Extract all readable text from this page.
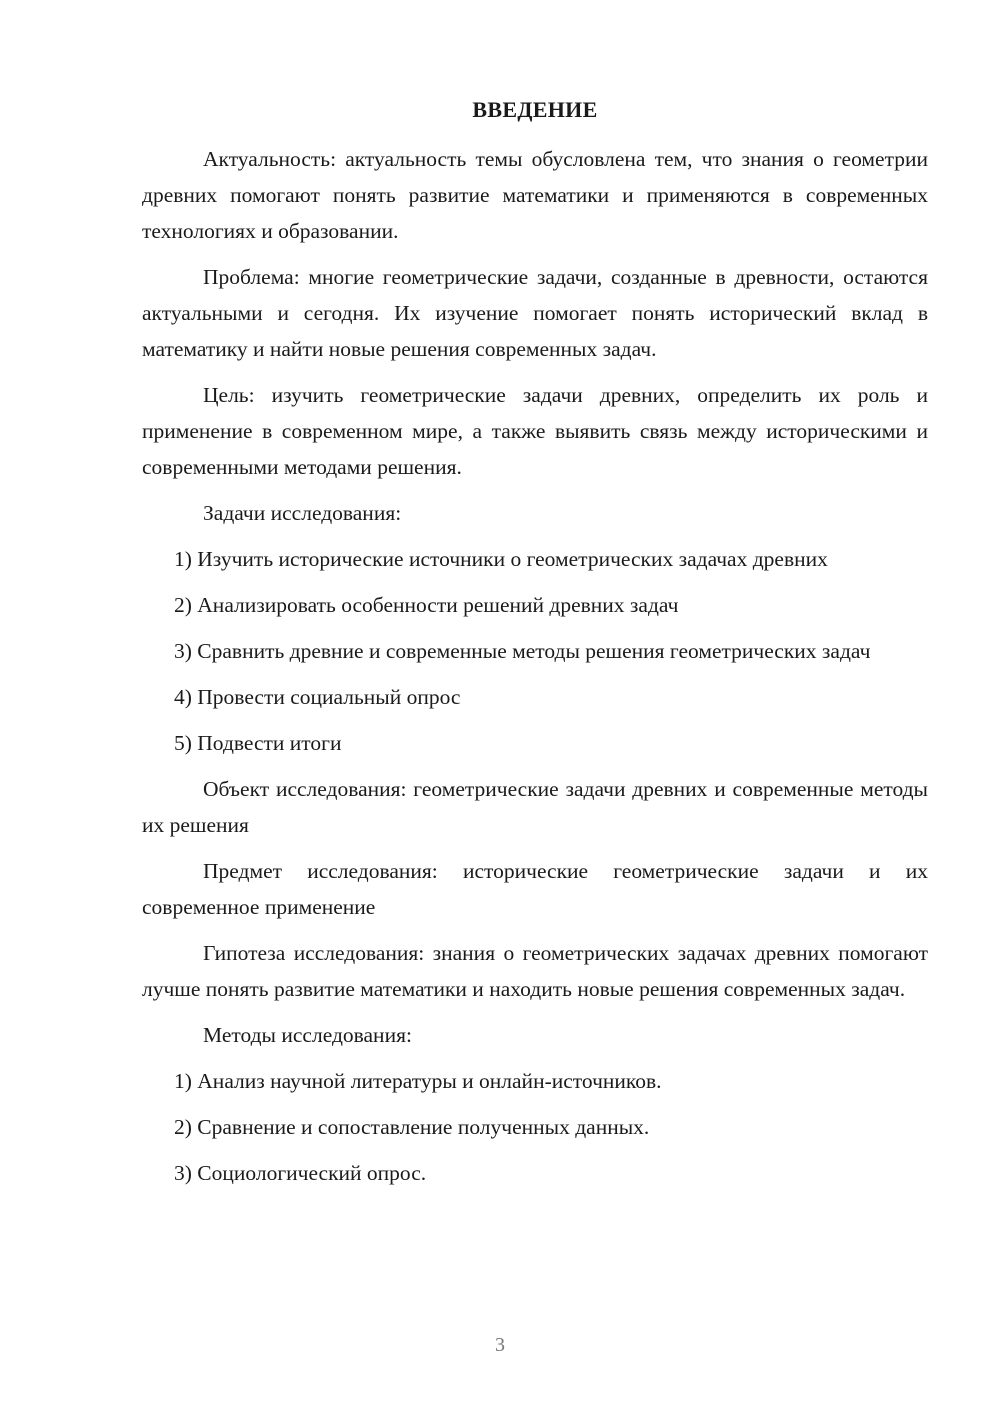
ВВЕДЕНИЕ

Актуальность: актуальность темы обусловлена тем, что знания о геометрии древних помогают понять развитие математики и применяются в современных технологиях и образовании.

Проблема: многие геометрические задачи, созданные в древности, остаются актуальными и сегодня. Их изучение помогает понять исторический вклад в математику и найти новые решения современных задач.

Цель: изучить геометрические задачи древних, определить их роль и применение в современном мире, а также выявить связь между историческими и современными методами решения.

Задачи исследования:

1) Изучить исторические источники о геометрических задачах древних

2) Анализировать особенности решений древних задач

3) Сравнить древние и современные методы решения геометрических задач

4) Провести социальный опрос

5) Подвести итоги

Объект исследования: геометрические задачи древних и современные методы их решения

Предмет исследования: исторические геометрические задачи и их современное применение

Гипотеза исследования: знания о геометрических задачах древних помогают лучше понять развитие математики и находить новые решения современных задач.

Методы исследования:

1) Анализ научной литературы и онлайн-источников.

2) Сравнение и сопоставление полученных данных.

3) Социологический опрос.

3
